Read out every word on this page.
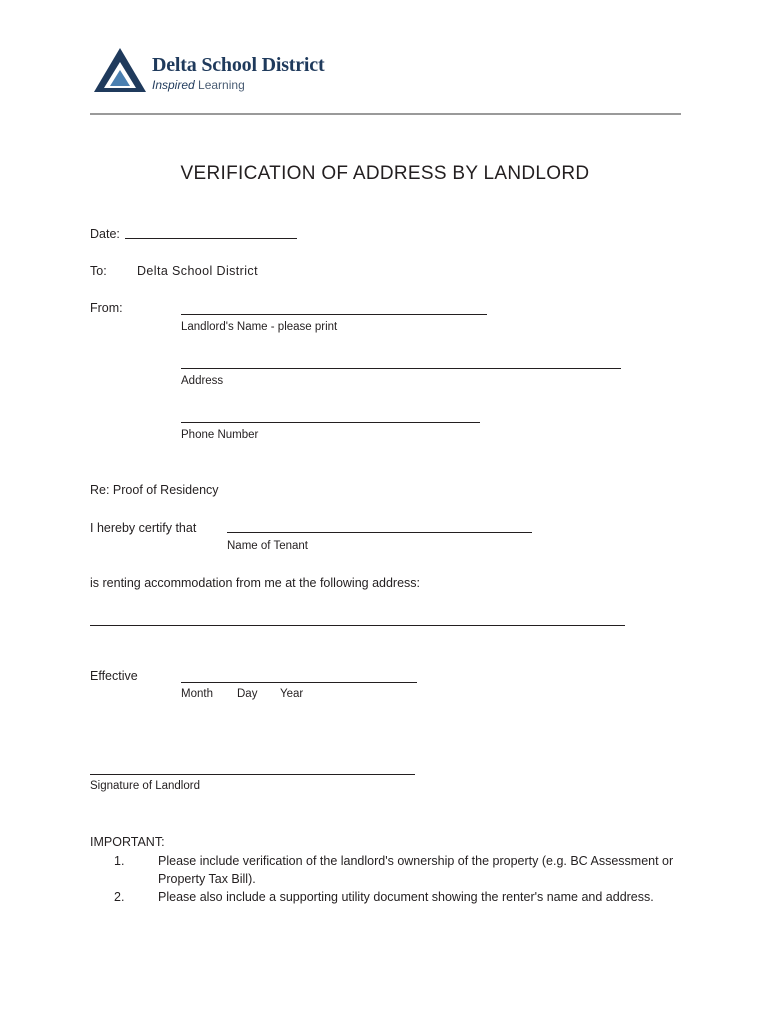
Delta School District
Inspired Learning
VERIFICATION OF ADDRESS BY LANDLORD
Date:
To: Delta School District
From:
Landlord's Name - please print
Address
Phone Number
Re: Proof of Residency
I hereby certify that
Name of Tenant
is renting accommodation from me at the following address:
Effective
Month Day Year
Signature of Landlord
IMPORTANT:
1.	Please include verification of the landlord's ownership of the property (e.g. BC Assessment or Property Tax Bill).
2.	Please also include a supporting utility document showing the renter's name and address.
